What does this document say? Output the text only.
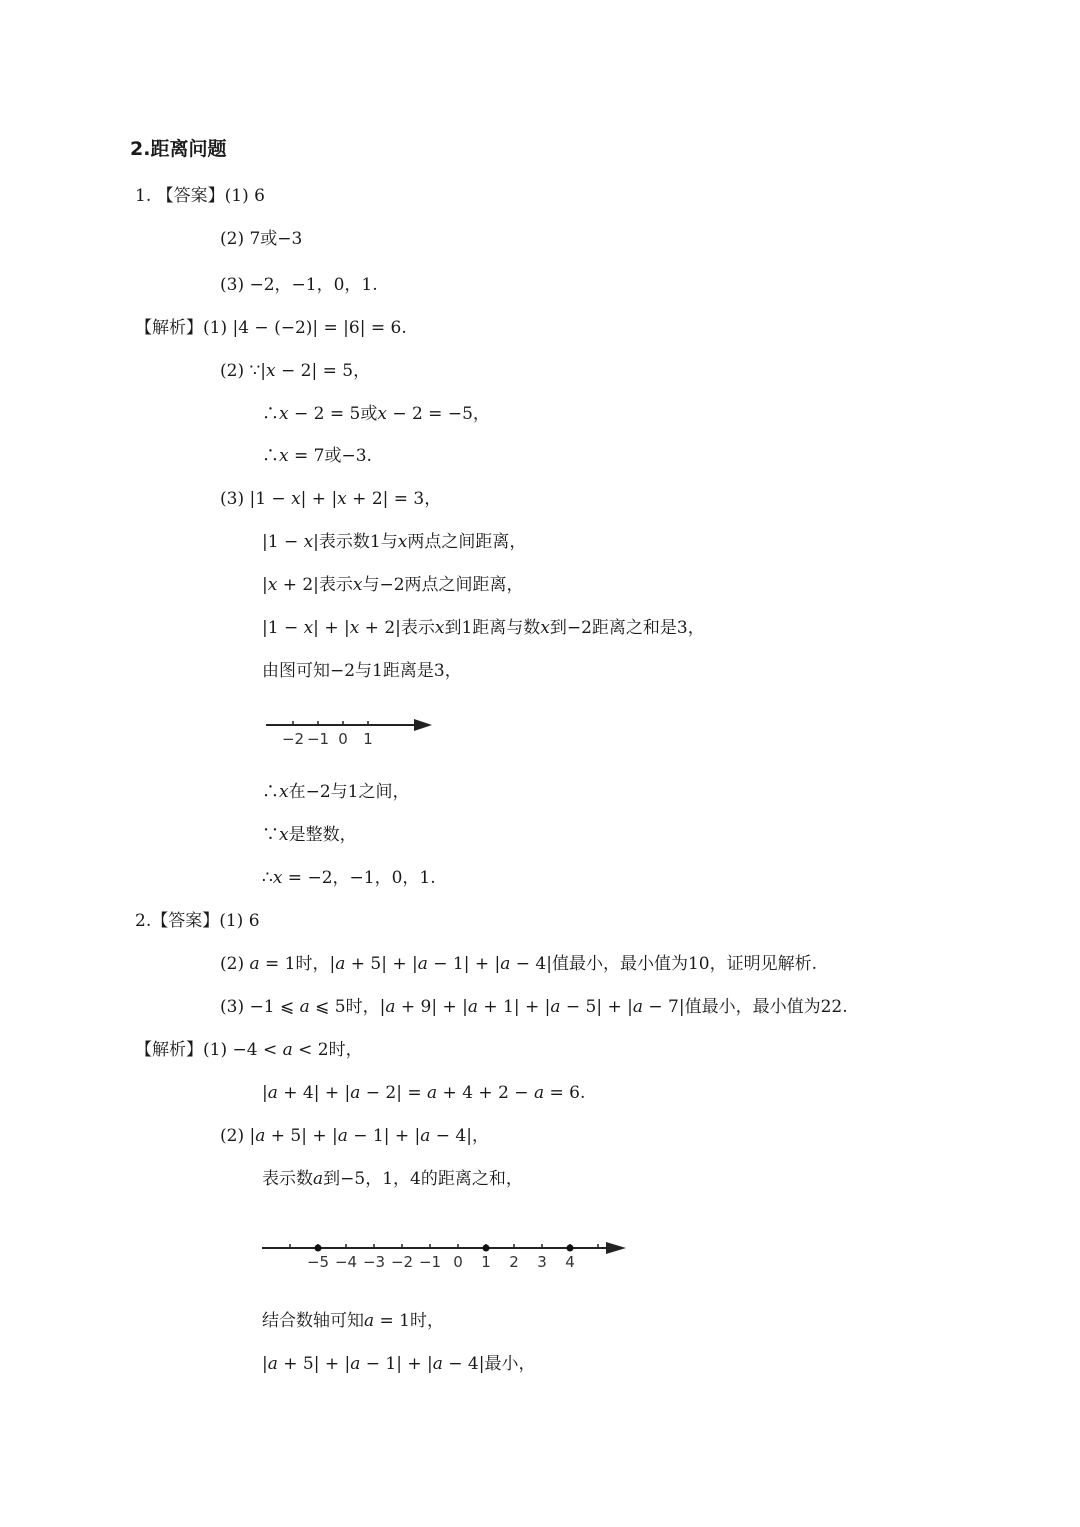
2.距离问题
1. 【答案】(1) 6
(2) 7或−3
(3) −2，−1，0，1.
【解析】(1) |4 − (−2)| = |6| = 6.
(2) ∵|𝑥 − 2| = 5，
∴𝑥 − 2 = 5或𝑥 − 2 = −5，
∴𝑥 = 7或−3.
(3) |1 − 𝑥| + |𝑥 + 2| = 3，
|1 − 𝑥|表示数1与𝑥两点之间距离，
|𝑥 + 2|表示𝑥与−2两点之间距离，
|1 − 𝑥| + |𝑥 + 2|表示𝑥到1距离与数𝑥到−2距离之和是3，
由图可知−2与1距离是3，
−2 −1 0 1
∴𝑥在−2与1之间，
∵𝑥是整数，
∴𝑥 = −2，−1，0，1.
2.【答案】(1) 6
(2) 𝑎 = 1时，|𝑎 + 5| + |𝑎 − 1| + |𝑎 − 4|值最小，最小值为10，证明见解析.
(3) −1 ⩽ 𝑎 ⩽ 5时，|𝑎 + 9| + |𝑎 + 1| + |𝑎 − 5| + |𝑎 − 7|值最小，最小值为22.
【解析】(1) −4 < 𝑎 < 2时，
|𝑎 + 4| + |𝑎 − 2| = 𝑎 + 4 + 2 − 𝑎 = 6.
(2) |𝑎 + 5| + |𝑎 − 1| + |𝑎 − 4|，
表示数𝑎到−5，1，4的距离之和，
−5 −4 −3 −2 −1 0 1 2 3 4
结合数轴可知𝑎 = 1时，
|𝑎 + 5| + |𝑎 − 1| + |𝑎 − 4|最小，
